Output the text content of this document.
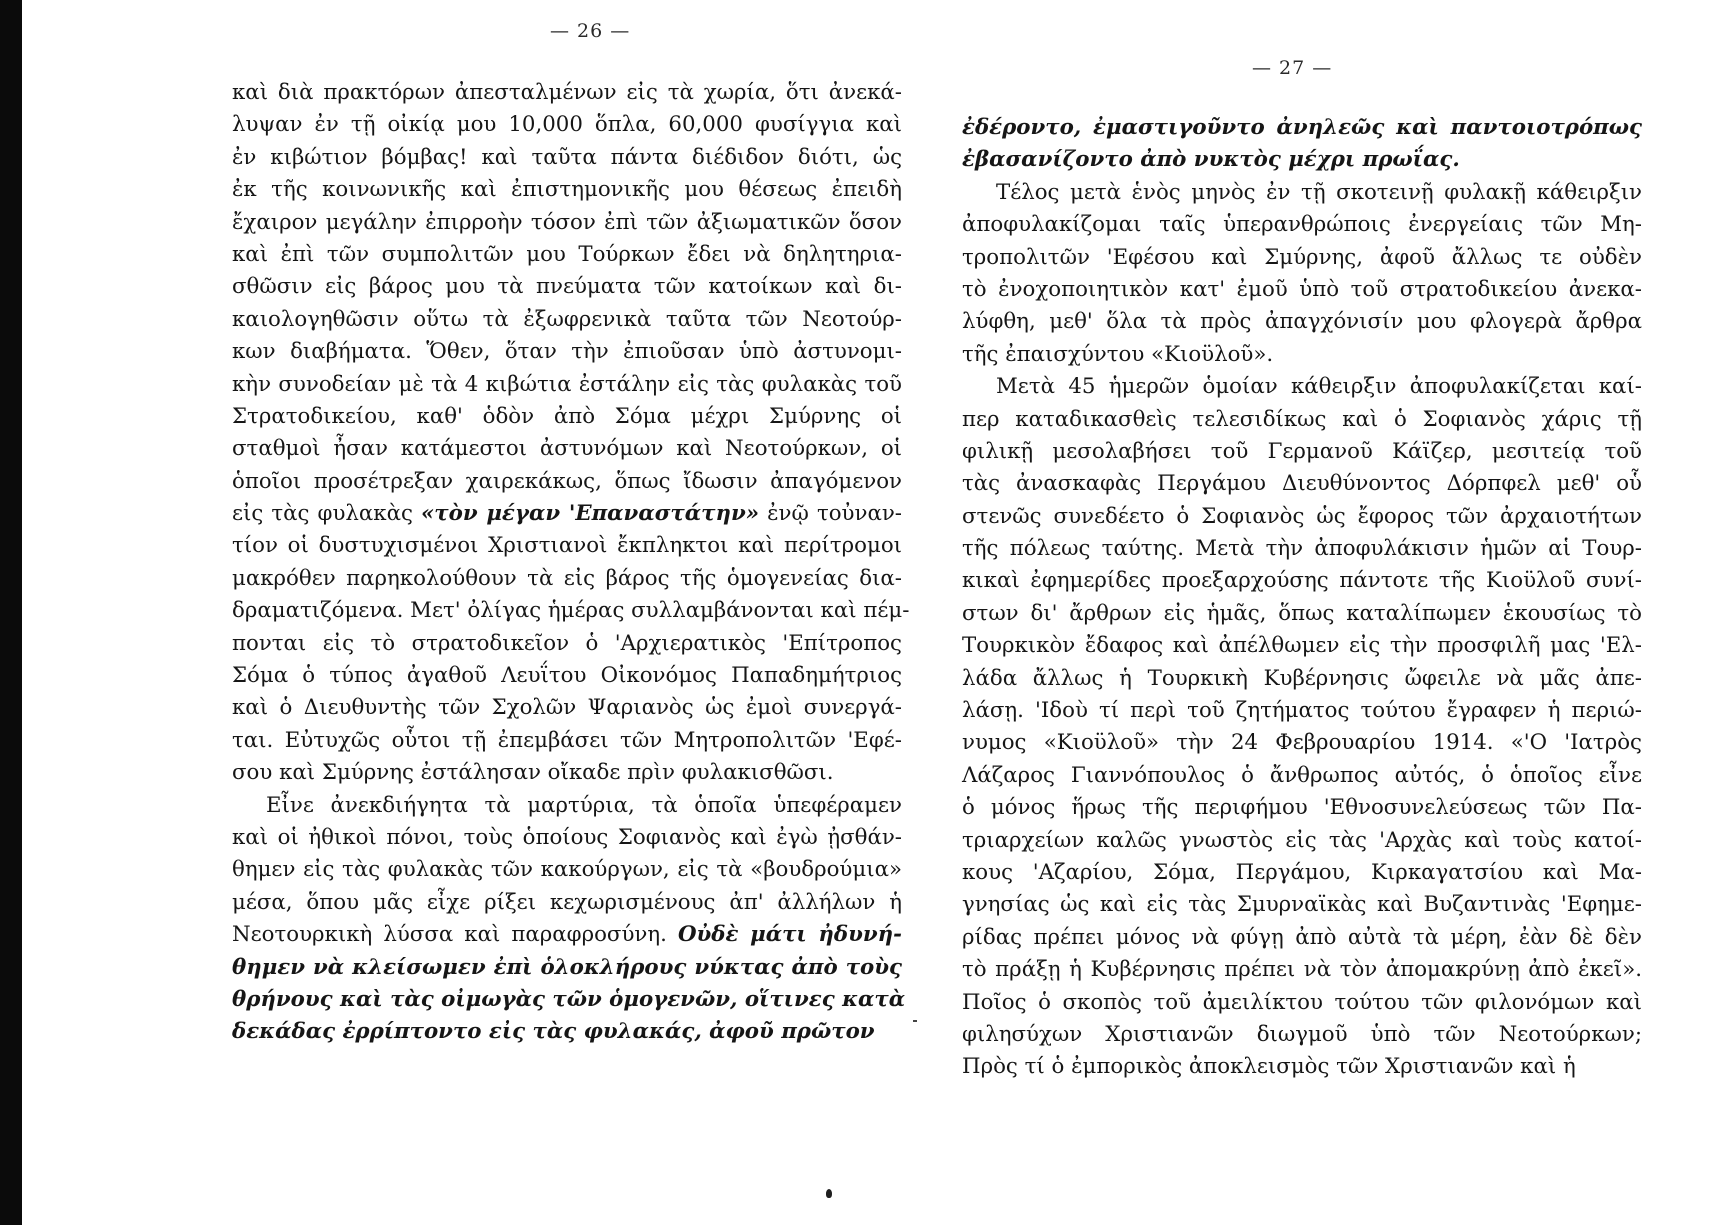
— 26 —
καὶ διὰ πρακτόρων ἀπεσταλμένων εἰς τὰ χωρία, ὅτι ἀνεκά-
λυψαν ἐν τῇ οἰκίᾳ μου 10,000 ὅπλα, 60,000 φυσίγγια καὶ
ἐν κιβώτιον βόμβας! καὶ ταῦτα πάντα διέδιδον διότι, ὡς
ἐκ τῆς κοινωνικῆς καὶ ἐπιστημονικῆς μου θέσεως ἐπειδὴ
ἔχαιρον μεγάλην ἐπιρροὴν τόσον ἐπὶ τῶν ἀξιωματικῶν ὅσον
καὶ ἐπὶ τῶν συμπολιτῶν μου Τούρκων ἔδει νὰ δηλητηρια-
σθῶσιν εἰς βάρος μου τὰ πνεύματα τῶν κατοίκων καὶ δι-
καιολογηθῶσιν οὕτω τὰ ἐξωφρενικὰ ταῦτα τῶν Νεοτούρ-
κων διαβήματα. Ὅθεν, ὅταν τὴν ἐπιοῦσαν ὑπὸ ἀστυνομι-
κὴν συνοδείαν μὲ τὰ 4 κιβώτια ἐστάλην εἰς τὰς φυλακὰς τοῦ
Στρατοδικείου, καθ' ὁδὸν ἀπὸ Σόμα μέχρι Σμύρνης οἱ
σταθμοὶ ἦσαν κατάμεστοι ἀστυνόμων καὶ Νεοτούρκων, οἱ
ὁποῖοι προσέτρεξαν χαιρεκάκως, ὅπως ἴδωσιν ἀπαγόμενον
εἰς τὰς φυλακὰς «τὸν μέγαν 'Επαναστάτην» ἐνῷ τοὐναν-
τίον οἱ δυστυχισμένοι Χριστιανοὶ ἔκπληκτοι καὶ περίτρομοι
μακρόθεν παρηκολούθουν τὰ εἰς βάρος τῆς ὁμογενείας δια-
δραματιζόμενα. Μετ' ὀλίγας ἡμέρας συλλαμβάνονται καὶ πέμ-
πονται εἰς τὸ στρατοδικεῖον ὁ 'Αρχιερατικὸς 'Επίτροπος
Σόμα ὁ τύπος ἀγαθοῦ Λευΐτου Οἰκονόμος Παπαδημήτριος
καὶ ὁ Διευθυντὴς τῶν Σχολῶν Ψαριανὸς ὡς ἐμοὶ συνεργά-
ται. Εὐτυχῶς οὗτοι τῇ ἐπεμβάσει τῶν Μητροπολιτῶν 'Εφέ-
σου καὶ Σμύρνης ἐστάλησαν οἴκαδε πρὶν φυλακισθῶσι.
Εἶνε ἀνεκδιήγητα τὰ μαρτύρια, τὰ ὁποῖα ὑπεφέραμεν
καὶ οἱ ἠθικοὶ πόνοι, τοὺς ὁποίους Σοφιανὸς καὶ ἐγὼ ᾐσθάν-
θημεν εἰς τὰς φυλακὰς τῶν κακούργων, εἰς τὰ «βουδρούμια»
μέσα, ὅπου μᾶς εἶχε ρίξει κεχωρισμένους ἀπ' ἀλλήλων ἡ
Νεοτουρκικὴ λύσσα καὶ παραφροσύνη. Οὐδὲ μάτι ἠδυνή-
θημεν νὰ κλείσωμεν ἐπὶ ὁλοκλήρους νύκτας ἀπὸ τοὺς
θρήνους καὶ τὰς οἰμωγὰς τῶν ὁμογενῶν, οἵτινες κατὰ
δεκάδας ἐρρίπτοντο εἰς τὰς φυλακάς, ἀφοῦ πρῶτον
— 27 —
ἐδέροντο, ἐμαστιγοῦντο ἀνηλεῶς καὶ παντοιοτρόπως
ἐβασανίζοντο ἀπὸ νυκτὸς μέχρι πρωΐας.
Τέλος μετὰ ἑνὸς μηνὸς ἐν τῇ σκοτεινῇ φυλακῇ κάθειρξιν
ἀποφυλακίζομαι ταῖς ὑπερανθρώποις ἐνεργείαις τῶν Μη-
τροπολιτῶν 'Εφέσου καὶ Σμύρνης, ἀφοῦ ἄλλως τε οὐδὲν
τὸ ἐνοχοποιητικὸν κατ' ἐμοῦ ὑπὸ τοῦ στρατοδικείου ἀνεκα-
λύφθη, μεθ' ὅλα τὰ πρὸς ἀπαγχόνισίν μου φλογερὰ ἄρθρα
τῆς ἐπαισχύντου «Κιοϋλοῦ».
Μετὰ 45 ἡμερῶν ὁμοίαν κάθειρξιν ἀποφυλακίζεται καί-
περ καταδικασθεὶς τελεσιδίκως καὶ ὁ Σοφιανὸς χάρις τῇ
φιλικῇ μεσολαβήσει τοῦ Γερμανοῦ Κάϊζερ, μεσιτείᾳ τοῦ
τὰς ἀνασκαφὰς Περγάμου Διευθύνοντος Δόρπφελ μεθ' οὗ
στενῶς συνεδέετο ὁ Σοφιανὸς ὡς ἔφορος τῶν ἀρχαιοτήτων
τῆς πόλεως ταύτης. Μετὰ τὴν ἀποφυλάκισιν ἡμῶν αἱ Τουρ-
κικαὶ ἐφημερίδες προεξαρχούσης πάντοτε τῆς Κιοϋλοῦ συνί-
στων δι' ἄρθρων εἰς ἡμᾶς, ὅπως καταλίπωμεν ἑκουσίως τὸ
Τουρκικὸν ἔδαφος καὶ ἀπέλθωμεν εἰς τὴν προσφιλῆ μας 'Ελ-
λάδα ἄλλως ἡ Τουρκικὴ Κυβέρνησις ὤφειλε νὰ μᾶς ἀπε-
λάσῃ. 'Ιδοὺ τί περὶ τοῦ ζητήματος τούτου ἔγραφεν ἡ περιώ-
νυμος «Κιοϋλοῦ» τὴν 24 Φεβρουαρίου 1914. «'Ο 'Ιατρὸς
Λάζαρος Γιαννόπουλος ὁ ἄνθρωπος αὐτός, ὁ ὁποῖος εἶνε
ὁ μόνος ἥρως τῆς περιφήμου 'Εθνοσυνελεύσεως τῶν Πα-
τριαρχείων καλῶς γνωστὸς εἰς τὰς 'Αρχὰς καὶ τοὺς κατοί-
κους 'Αζαρίου, Σόμα, Περγάμου, Κιρκαγατσίου καὶ Μα-
γνησίας ὡς καὶ εἰς τὰς Σμυρναϊκὰς καὶ Βυζαντινὰς 'Εφημε-
ρίδας πρέπει μόνος νὰ φύγῃ ἀπὸ αὐτὰ τὰ μέρη, ἐὰν δὲ δὲν
τὸ πράξῃ ἡ Κυβέρνησις πρέπει νὰ τὸν ἀπομακρύνῃ ἀπὸ ἐκεῖ».
Ποῖος ὁ σκοπὸς τοῦ ἀμειλίκτου τούτου τῶν φιλονόμων καὶ
φιλησύχων Χριστιανῶν διωγμοῦ ὑπὸ τῶν Νεοτούρκων;
Πρὸς τί ὁ ἐμπορικὸς ἀποκλεισμὸς τῶν Χριστιανῶν καὶ ἡ
